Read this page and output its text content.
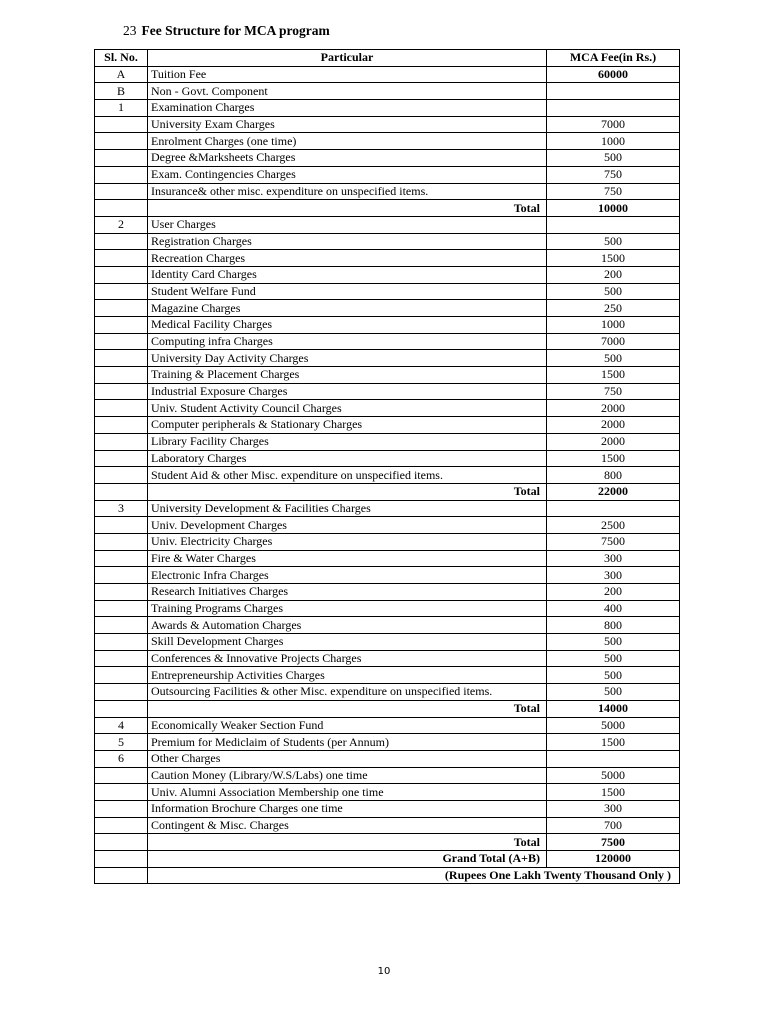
23 Fee Structure for MCA program
Sl. No.	Particular	MCA Fee(in Rs.)
A	Tuition Fee	60000
B	Non - Govt. Component	
1	Examination Charges	
	University Exam Charges	7000
	Enrolment Charges (one time)	1000
	Degree &Marksheets Charges	500
	Exam. Contingencies Charges	750
	Insurance& other misc. expenditure on unspecified items.	750
	Total	10000
2	User Charges	
	Registration Charges	500
	Recreation Charges	1500
	Identity Card Charges	200
	Student Welfare Fund	500
	Magazine Charges	250
	Medical Facility Charges	1000
	Computing infra Charges	7000
	University Day Activity Charges	500
	Training & Placement Charges	1500
	Industrial Exposure Charges	750
	Univ. Student Activity Council Charges	2000
	Computer peripherals & Stationary Charges	2000
	Library Facility Charges	2000
	Laboratory Charges	1500
	Student Aid & other Misc. expenditure on unspecified items.	800
	Total	22000
3	University Development & Facilities Charges	
	Univ. Development Charges	2500
	Univ. Electricity Charges	7500
	Fire & Water Charges	300
	Electronic Infra Charges	300
	Research Initiatives Charges	200
	Training Programs Charges	400
	Awards & Automation Charges	800
	Skill Development Charges	500
	Conferences & Innovative Projects Charges	500
	Entrepreneurship Activities Charges	500
	Outsourcing Facilities & other Misc. expenditure on unspecified items.	500
	Total	14000
4	Economically Weaker Section Fund	5000
5	Premium for Mediclaim of Students (per Annum)	1500
6	Other Charges	
	Caution Money (Library/W.S/Labs) one time	5000
	Univ. Alumni Association Membership one time	1500
	Information Brochure Charges one time	300
	Contingent & Misc. Charges	700
	Total	7500
	Grand Total (A+B)	120000
	(Rupees One Lakh Twenty Thousand Only )	
10
